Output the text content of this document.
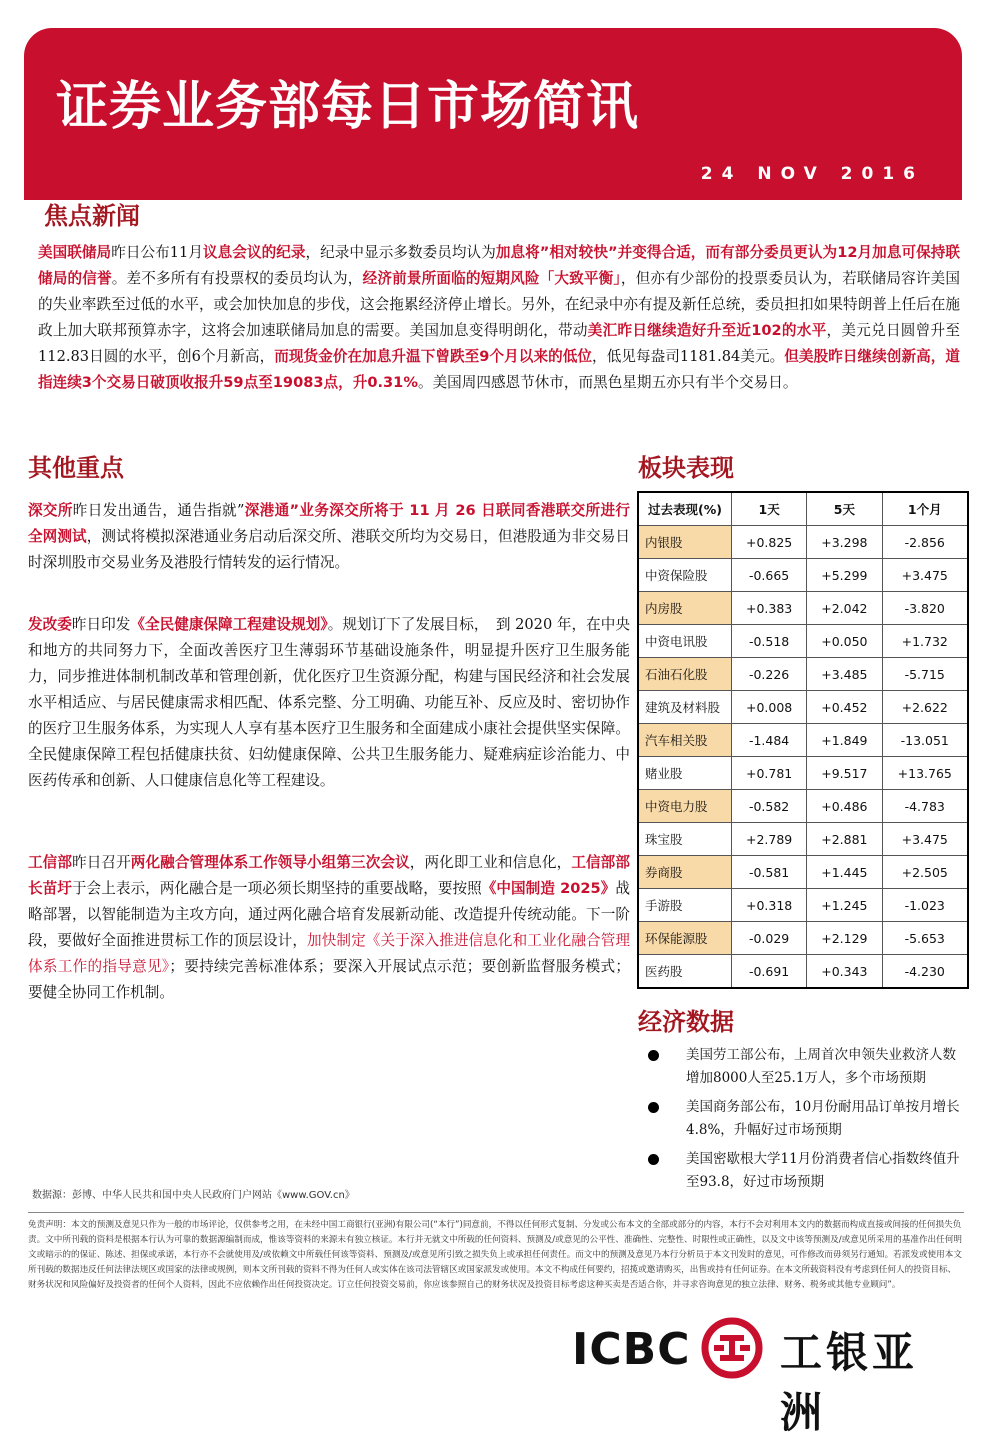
证券业务部每日市场简讯
24 NOV 2016
焦点新闻
美国联储局昨日公布11月议息会议的纪录，纪录中显示多数委员均认为加息将”相对较快”并变得合适，而有部分委员更认为12月加息可保持联储局的信誉。差不多所有有投票权的委员均认为，经济前景所面临的短期风险「大致平衡」，但亦有少部份的投票委员认为，若联储局容许美国的失业率跌至过低的水平，或会加快加息的步伐，这会拖累经济停止增长。另外，在纪录中亦有提及新任总统，委员担扣如果特朗普上任后在施政上加大联邦预算赤字，这将会加速联储局加息的需要。美国加息变得明朗化，带动美汇昨日继续造好升至近102的水平，美元兑日圆曾升至112.83日圆的水平，创6个月新高，而现货金价在加息升温下曾跌至9个月以来的低位，低见每盎司1181.84美元。但美股昨日继续创新高，道指连续3个交易日破顶收报升59点至19083点，升0.31%。美国周四感恩节休市，而黑色星期五亦只有半个交易日。
其他重点
深交所昨日发出通告，通告指就”深港通”业务深交所将于 11 月 26 日联同香港联交所进行全网测试，测试将模拟深港通业务启动后深交所、港联交所均为交易日，但港股通为非交易日时深圳股市交易业务及港股行情转发的运行情况。
发改委昨日印发《全民健康保障工程建设规划》。规划订下了发展目标，　到 2020 年，在中央和地方的共同努力下，全面改善医疗卫生薄弱环节基础设施条件，明显提升医疗卫生服务能力，同步推进体制机制改革和管理创新，优化医疗卫生资源分配，构建与国民经济和社会发展水平相适应、与居民健康需求相匹配、体系完整、分工明确、功能互补、反应及时、密切协作的医疗卫生服务体系，为实现人人享有基本医疗卫生服务和全面建成小康社会提供坚实保障。全民健康保障工程包括健康扶贫、妇幼健康保障、公共卫生服务能力、疑难病症诊治能力、中医药传承和创新、人口健康信息化等工程建设。
工信部昨日召开两化融合管理体系工作领导小组第三次会议，两化即工业和信息化，工信部部长苗圩于会上表示，两化融合是一项必须长期坚持的重要战略，要按照《中国制造 2025》战略部署，以智能制造为主攻方向，通过两化融合培育发展新动能、改造提升传统动能。下一阶段，要做好全面推进贯标工作的顶层设计，加快制定《关于深入推进信息化和工业化融合管理体系工作的指导意见》；要持续完善标准体系；要深入开展试点示范；要创新监督服务模式；要健全协同工作机制。
板块表现
过去表现(%)	1天	5天	1个月
内银股	+0.825	+3.298	-2.856
中资保险股	-0.665	+5.299	+3.475
内房股	+0.383	+2.042	-3.820
中资电讯股	-0.518	+0.050	+1.732
石油石化股	-0.226	+3.485	-5.715
建筑及材料股	+0.008	+0.452	+2.622
汽车相关股	-1.484	+1.849	-13.051
赌业股	+0.781	+9.517	+13.765
中资电力股	-0.582	+0.486	-4.783
珠宝股	+2.789	+2.881	+3.475
券商股	-0.581	+1.445	+2.505
手游股	+0.318	+1.245	-1.023
环保能源股	-0.029	+2.129	-5.653
医药股	-0.691	+0.343	-4.230
经济数据
美国劳工部公布，上周首次申领失业救济人数增加8000人至25.1万人，多个市场预期
美国商务部公布，10月份耐用品订单按月增长4.8%，升幅好过市场预期
美国密歇根大学11月份消费者信心指数终值升至93.8，好过市场预期
数据源：彭博、中华人民共和国中央人民政府门户网站《www.GOV.cn》
免责声明：本文的预测及意见只作为一般的市场评论，仅供参考之用，在未经中国工商银行(亚洲)有限公司(“本行”)同意前，不得以任何形式复制、分发或公布本文的全部或部分的内容，本行不会对利用本文内的数据而构成直接或间接的任何损失负责。文中所刊载的资料是根据本行认为可靠的数据源编制而成，惟该等资料的来源未有独立核证。本行并无就文中所载的任何资料、预测及/或意见的公平性、准确性、完整性、时限性或正确性，以及文中该等预测及/或意见所采用的基准作出任何明文或暗示的的保证、陈述、担保或承诺，本行亦不会就使用及/或依赖文中所载任何该等资料、预测及/或意见所引致之损失负上或承担任何责任。而文中的预测及意见乃本行分析员于本文刊发时的意见，可作修改而毋须另行通知。若派发或使用本文所刊载的数据违反任何法律法规区或国家的法律或规例，则本文所刊载的资料不得为任何人或实体在该司法管辖区或国家派发或使用。本文不构成任何要约，招揽或邀请购买，出售或持有任何证券。在本文所载资料没有考虑到任何人的投资目标、财务状况和风险偏好及投资者的任何个人资料，因此不应依赖作出任何投资决定。订立任何投资交易前，你应该参照自己的财务状况及投资目标考虑这种买卖是否适合你，并寻求咨询意见的独立法律、财务、税务或其他专业顾问”。
ICBC 工银亚洲
